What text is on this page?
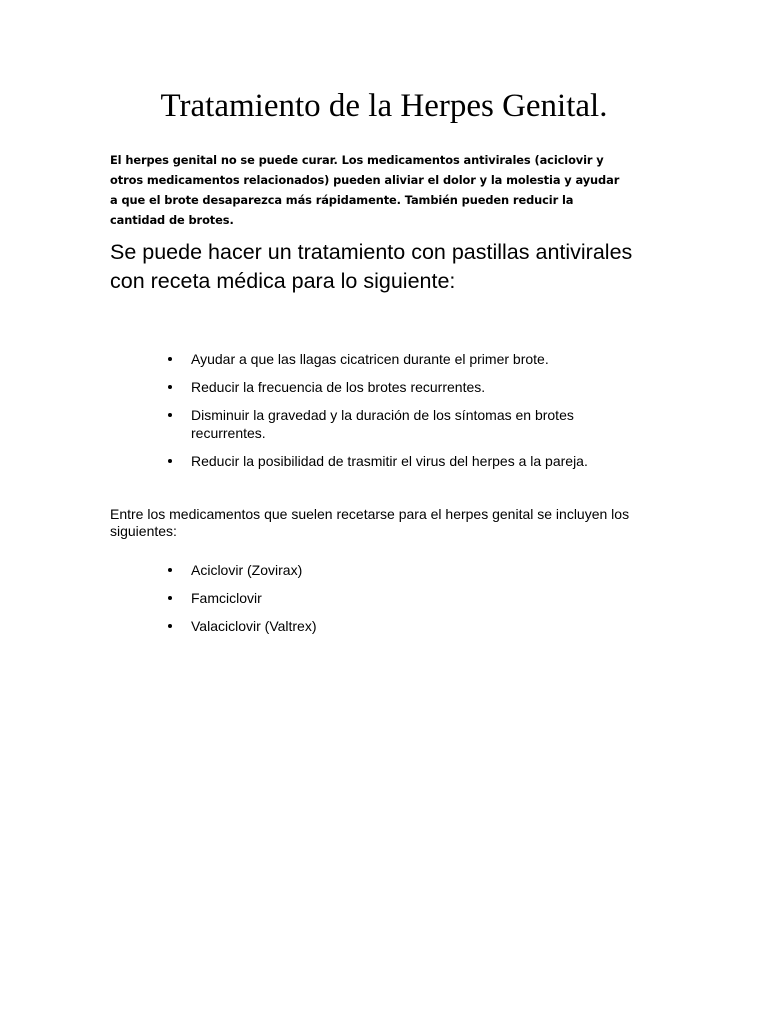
Tratamiento de la Herpes Genital.

El herpes genital no se puede curar. Los medicamentos antivirales (aciclovir y otros medicamentos relacionados) pueden aliviar el dolor y la molestia y ayudar a que el brote desaparezca más rápidamente. También pueden reducir la cantidad de brotes.

Se puede hacer un tratamiento con pastillas antivirales con receta médica para lo siguiente:
Ayudar a que las llagas cicatricen durante el primer brote.
Reducir la frecuencia de los brotes recurrentes.
Disminuir la gravedad y la duración de los síntomas en brotes recurrentes.
Reducir la posibilidad de trasmitir el virus del herpes a la pareja.

Entre los medicamentos que suelen recetarse para el herpes genital se incluyen los siguientes:

Aciclovir (Zovirax)
Famciclovir
Valaciclovir (Valtrex)
